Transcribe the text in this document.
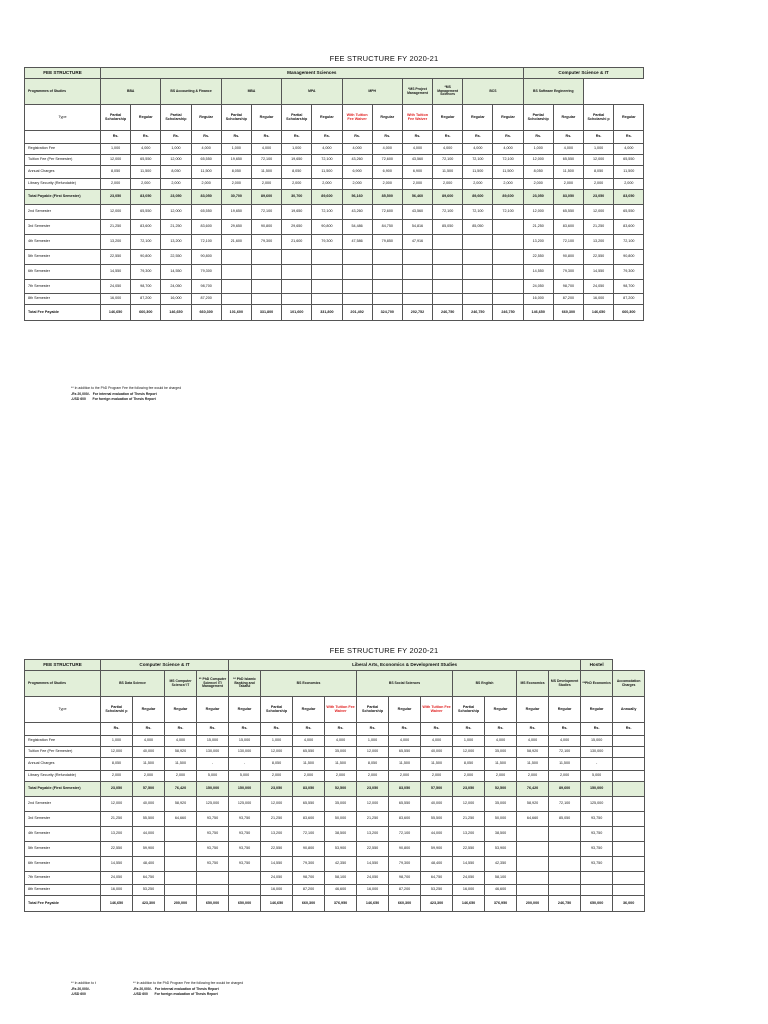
FEE STRUCTURE FY 2020-21
FEE STRUCTURE	Management Sciences														Computer Science & IT			
Programmes of Studies	BBA		BS Accounting & Finance		MBA		MPA		MPH		*MS Project Management	*MS Management Sciences	BCS		BS Software Engineering			
Type	Partial Scholarship	Regular	Partial Scholarship	Regular	Partial Scholarship	Regular	Partial Scholarship	Regular	With Tuition Fee Waiver	Regular	With Tuition Fee Waiver	Regular	Regular	Regular	Partial Scholarship	Regular	Partial Scholarshi p	Regular
	Rs.	Rs.	Rs.	Rs.	Rs.	Rs.	Rs.	Rs.	Rs.	Rs.	Rs.	Rs.	Rs.	Rs.	Rs.	Rs.	Rs.	Rs.
Registration Fee	1,000	4,000	1,000	4,000	1,000	4,000	1,000	4,000	4,000	4,000	4,000	4,000	4,000	4,000	1,000	4,000	1,000	4,000
Tuition Fee (Per Semester)	12,000	65,550	12,000	65,550	19,650	72,100	19,650	72,100	43,260	72,600	43,560	72,100	72,100	72,100	12,000	65,550	12,000	65,550
Annual Charges	8,050	11,500	8,050	11,500	8,050	11,500	8,050	11,500	6,900	6,900	6,900	11,500	11,500	11,500	8,050	11,500	8,050	11,500
Library Security (Refundable)	2,000	2,000	2,000	2,000	2,000	2,000	2,000	2,000	2,000	2,000	2,000	2,000	2,000	2,000	2,000	2,000	2,000	2,000
Total Payable (First Semester)	23,050	83,050	23,050	83,050	30,700	89,600	30,700	89,600	56,160	85,500	56,460	89,600	89,600	89,600	23,050	83,050	23,050	83,050
2nd Semester	12,000	65,550	12,000	65,550	19,650	72,100	19,650	72,100	43,260	72,600	43,560	72,100	72,100	72,100	12,000	65,550	12,000	65,550
3rd Semester	21,250	83,600	21,250	83,600	29,650	90,800	29,650	90,800	54,486	84,750	54,816	85,050	85,050		21,250	83,600	21,250	83,600
4th Semester	13,200	72,100	13,200	72,100	21,600	79,300	21,600	79,300	47,586	79,850	47,916				13,200	72,100	13,200	72,100
5th Semester	22,550	90,800	22,550	90,800											22,550	90,800	22,550	90,800
6th Semester	14,550	79,300	14,550	79,300											14,550	79,300	14,550	79,300
7th Semester	24,050	98,700	24,050	98,700											24,050	98,700	24,050	98,700
8th Semester	16,000	87,200	16,000	87,200											16,000	87,200	16,000	87,200
Total Fee Payable	146,650	660,300	146,650	660,300	101,600	331,800	101,600	331,800	201,492	324,700	202,752	246,750	246,750	246,750	146,650	660,300	146,650	660,300
** In addition to the PhD Program Fee the following fee would be charged
-Rs 20,000/- For internal evaluation of Thesis Report
-USD 600 For foreign evaluation of Thesis Report
FEE STRUCTURE FY 2020-21
FEE STRUCTURE	Computer Science & IT				Liberal Arts, Economics & Development Studies											Hostel	
Programmes of Studies	BS Data Science		MS Computer Science/ IT	** PhD Computer Science/ IT/ Management	** PhD Islamic Banking and Takaful	BS Economics			BS Social Sciences			BS English		MS Economics	MS Development Studies	**PhD Economics	Accomodation Charges
Type	Partial Scholarshi p	Regular	Regular	Regular	Regular	Partial Scholarship	Regular	With Tuition Fee Waiver	Partial Scholarship	Regular	With Tuition Fee Waiver	Partial Scholarship	Regular	Regular	Regular	Regular	Annually
	Rs.	Rs.	Rs.	Rs.	Rs.	Rs.	Rs.	Rs.	Rs.	Rs.	Rs.	Rs.	Rs.	Rs.	Rs.	Rs.	Rs.
Registration Fee	1,000	4,000	4,000	15,000	15,000	1,000	4,000	4,000	1,000	4,000	4,000	1,000	4,000	4,000	4,000	15,000	
Tuition Fee (Per Semester)	12,000	40,000	58,920	130,000	130,000	12,000	65,550	35,000	12,000	65,550	40,000	12,000	35,000	58,920	72,100	130,000	
Annual Charges	8,050	11,500	11,500	-	-	8,050	11,500	11,500	8,050	11,500	11,500	8,050	11,500	11,500	11,500	-	
Library Security (Refundable)	2,000	2,000	2,000	5,000	5,000	2,000	2,000	2,000	2,000	2,000	2,000	2,000	2,000	2,000	2,000	5,000	
Total Payable (First Semester)	23,050	57,500	76,420	150,000	150,000	23,050	83,050	52,500	23,050	83,050	57,500	23,050	52,500	76,420	89,600	150,000	
2nd Semester	12,000	40,000	58,920	125,000	125,000	12,000	65,550	35,000	12,000	65,550	40,000	12,000	35,000	58,920	72,100	125,000	
3rd Semester	21,250	55,500	64,660	93,750	93,750	21,250	83,600	50,000	21,250	83,600	55,500	21,250	50,000	64,660	85,050	93,750	
4th Semester	13,200	44,000		93,750	93,750	13,200	72,100	38,500	13,200	72,100	44,000	13,200	38,500			93,750	
5th Semester	22,550	59,900		93,750	93,750	22,550	90,800	53,900	22,550	90,800	59,900	22,550	53,900			93,750	
6th Semester	14,550	48,400		93,750	93,750	14,550	79,300	42,350	14,550	79,300	48,400	14,550	42,350			93,750	
7th Semester	24,050	64,750				24,050	98,700	58,100	24,050	98,700	64,750	24,050	58,100				
8th Semester	16,000	53,250				16,000	87,200	46,600	16,000	87,200	53,250	16,000	46,600				
Total Fee Payable	146,650	423,300	200,000	650,000	650,000	146,650	660,300	376,950	146,650	660,300	423,300	146,650	376,950	200,000	246,750	650,000	36,000
** In addition to t
-Rs 20,000/-
-USD 600
** In addition to the PhD Program Fee the following fee would be charged
-Rs 20,000/- For internal evaluation of Thesis Report
-USD 600 For foreign evaluation of Thesis Report
